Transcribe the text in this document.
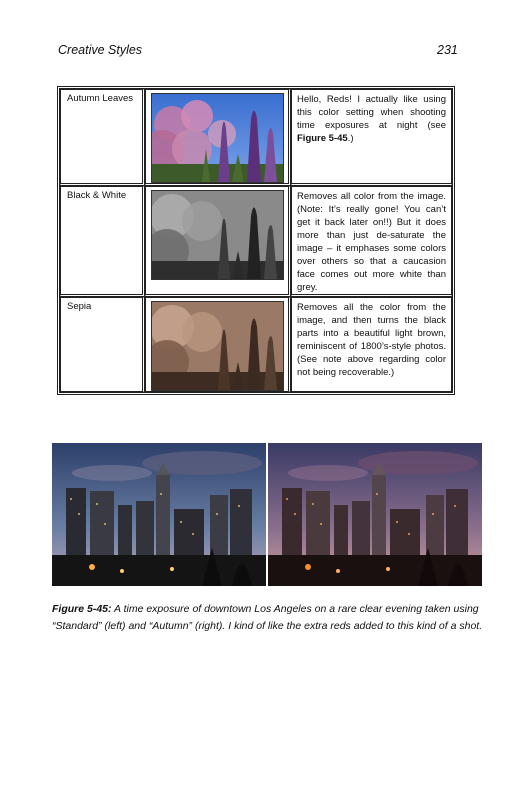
Creative Styles	231
Autumn Leaves		Hello, Reds! I actually like using this color setting when shooting time exposures at night (see Figure 5-45.)
Black & White		Removes all color from the image. (Note: It’s really gone! You can’t get it back later on!!) But it does more than just de-saturate the image – it emphases some colors over others so that a caucasion face comes out more white than grey.
Sepia		Removes all the color from the image, and then turns the black parts into a beautiful light brown, reminiscent of 1800’s-style photos. (See note above regarding color not being recoverable.)
Figure 5-45: A time exposure of downtown Los Angeles on a rare clear evening taken using “Standard” (left) and “Autumn” (right). I kind of like the extra reds added to this kind of a shot.
